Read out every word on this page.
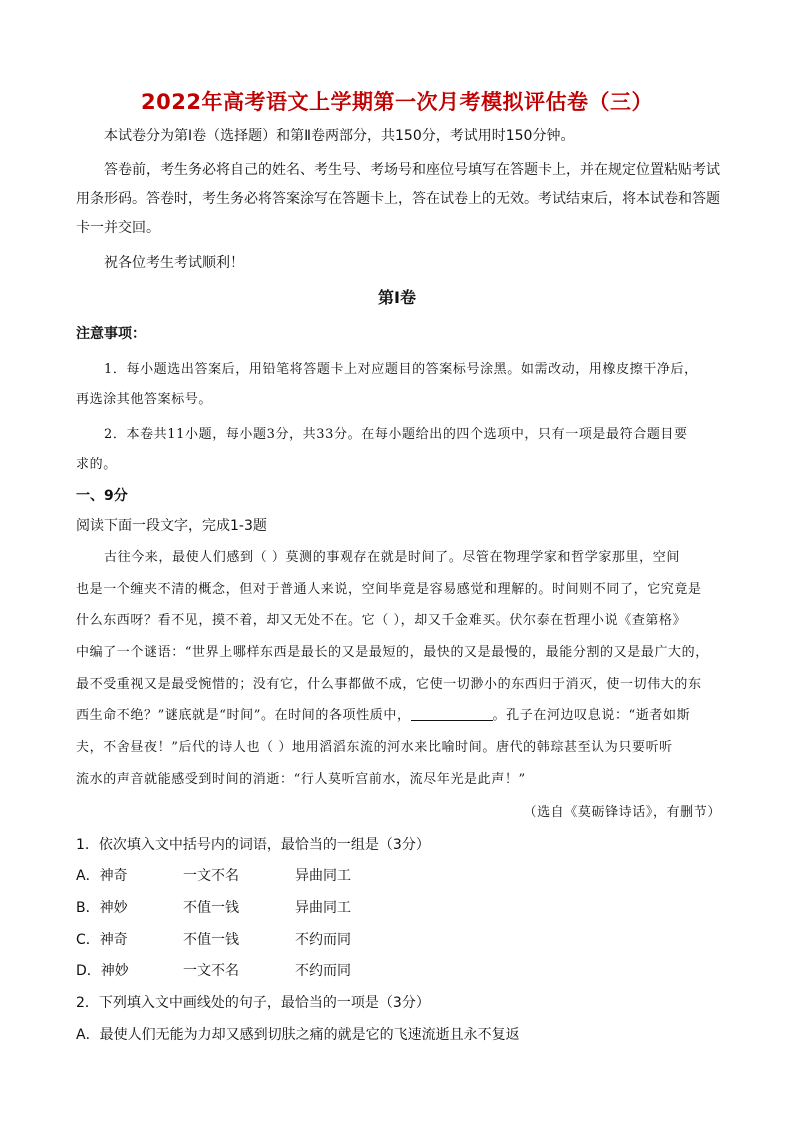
2022年高考语文上学期第一次月考模拟评估卷（三）
本试卷分为第Ⅰ卷（选择题）和第Ⅱ卷两部分，共150分，考试用时150分钟。
答卷前，考生务必将自己的姓名、考生号、考场号和座位号填写在答题卡上，并在规定位置粘贴考试
用条形码。答卷时，考生务必将答案涂写在答题卡上，答在试卷上的无效。考试结束后，将本试卷和答题
卡一并交回。
祝各位考生考试顺利！
第Ⅰ卷
注意事项：
1．每小题选出答案后，用铅笔将答题卡上对应题目的答案标号涂黑。如需改动，用橡皮擦干净后，
再选涂其他答案标号。
2．本卷共11小题，每小题3分，共33分。在每小题给出的四个选项中，只有一项是最符合题目要
求的。
一、9分
阅读下面一段文字，完成1-3题
古往今来，最使人们感到（ ）莫测的事观存在就是时间了。尽管在物理学家和哲学家那里，空间
也是一个缠夹不清的概念，但对于普通人来说，空间毕竟是容易感觉和理解的。时间则不同了，它究竟是
什么东西呀？看不见，摸不着，却又无处不在。它（ ），却又千金难买。伏尔泰在哲理小说《查第格》
中编了一个谜语：“世界上哪样东西是最长的又是最短的，最快的又是最慢的，最能分割的又是最广大的，
最不受重视又是最受惋惜的；没有它，什么事都做不成，它使一切渺小的东西归于消灭，使一切伟大的东
西生命不绝？”谜底就是“时间”。在时间的各项性质中，	。孔子在河边叹息说：“逝者如斯
夫，不舍昼夜！”后代的诗人也（ ）地用滔滔东流的河水来比喻时间。唐代的韩琮甚至认为只要听听
流水的声音就能感受到时间的消逝：“行人莫听宫前水，流尽年光是此声！”
（选自《莫砺锋诗话》，有删节）
1．依次填入文中括号内的词语，最恰当的一组是（3分）
A．神奇	一文不名	异曲同工
B．神妙	不值一钱	异曲同工
C．神奇	不值一钱	不约而同
D．神妙	一文不名	不约而同
2．下列填入文中画线处的句子，最恰当的一项是（3分）
A．最使人们无能为力却又感到切肤之痛的就是它的飞速流逝且永不复返
